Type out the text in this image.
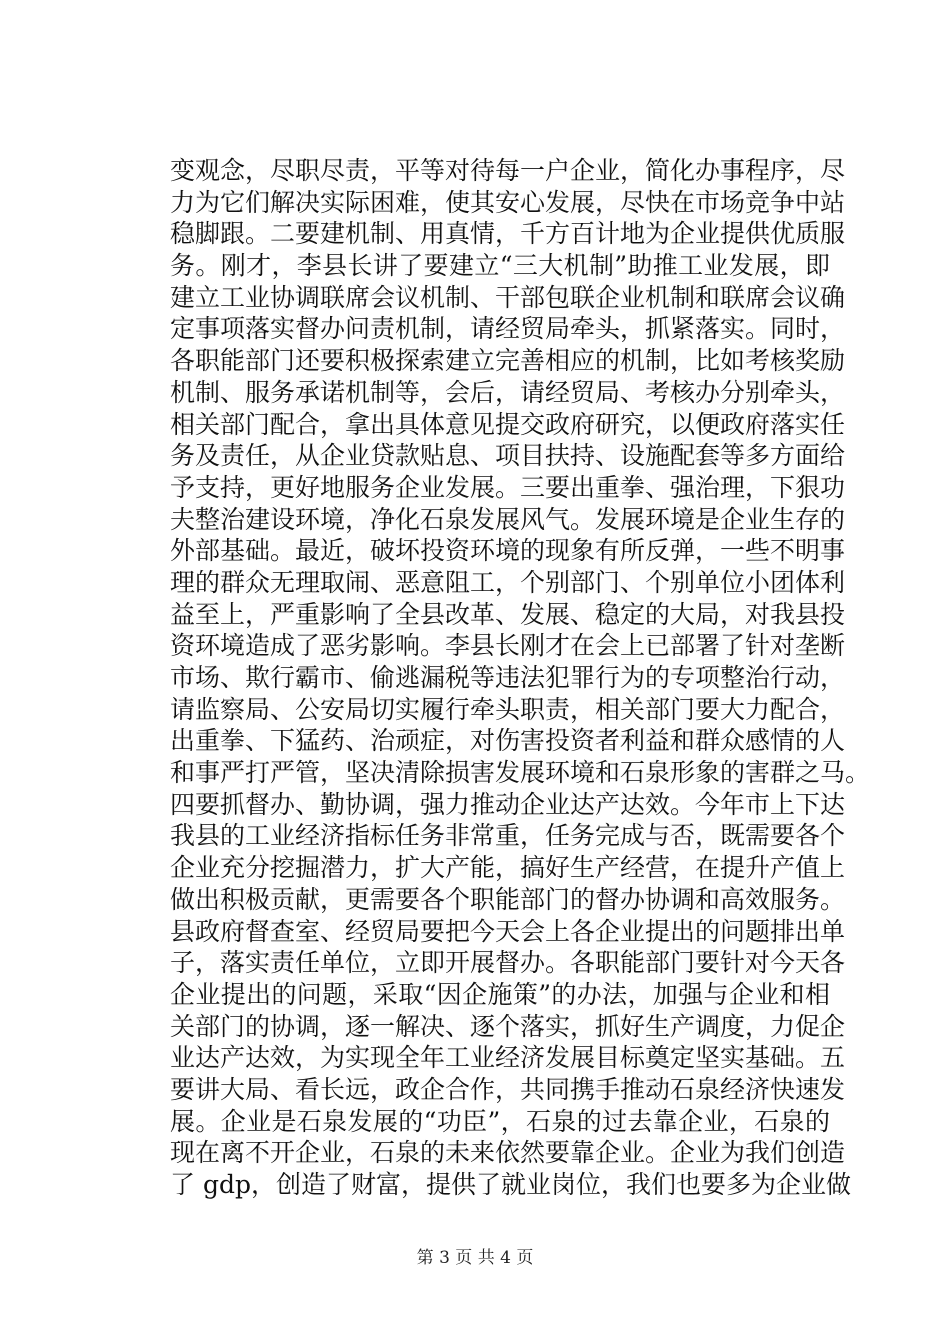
变观念，尽职尽责，平等对待每一户企业，简化办事程序，尽
力为它们解决实际困难，使其安心发展，尽快在市场竞争中站
稳脚跟。二要建机制、用真情，千方百计地为企业提供优质服
务。刚才，李县长讲了要建立“三大机制”助推工业发展，即
建立工业协调联席会议机制、干部包联企业机制和联席会议确
定事项落实督办问责机制，请经贸局牵头，抓紧落实。同时，
各职能部门还要积极探索建立完善相应的机制，比如考核奖励
机制、服务承诺机制等，会后，请经贸局、考核办分别牵头，
相关部门配合，拿出具体意见提交政府研究，以便政府落实任
务及责任，从企业贷款贴息、项目扶持、设施配套等多方面给
予支持，更好地服务企业发展。三要出重拳、强治理，下狠功
夫整治建设环境，净化石泉发展风气。发展环境是企业生存的
外部基础。最近，破坏投资环境的现象有所反弹，一些不明事
理的群众无理取闹、恶意阻工，个别部门、个别单位小团体利
益至上，严重影响了全县改革、发展、稳定的大局，对我县投
资环境造成了恶劣影响。李县长刚才在会上已部署了针对垄断
市场、欺行霸市、偷逃漏税等违法犯罪行为的专项整治行动，
请监察局、公安局切实履行牵头职责，相关部门要大力配合，
出重拳、下猛药、治顽症，对伤害投资者利益和群众感情的人
和事严打严管，坚决清除损害发展环境和石泉形象的害群之马。
四要抓督办、勤协调，强力推动企业达产达效。今年市上下达
我县的工业经济指标任务非常重，任务完成与否，既需要各个
企业充分挖掘潜力，扩大产能，搞好生产经营，在提升产值上
做出积极贡献，更需要各个职能部门的督办协调和高效服务。
县政府督查室、经贸局要把今天会上各企业提出的问题排出单
子，落实责任单位，立即开展督办。各职能部门要针对今天各
企业提出的问题，采取“因企施策”的办法，加强与企业和相
关部门的协调，逐一解决、逐个落实，抓好生产调度，力促企
业达产达效，为实现全年工业经济发展目标奠定坚实基础。五
要讲大局、看长远，政企合作，共同携手推动石泉经济快速发
展。企业是石泉发展的“功臣”，石泉的过去靠企业，石泉的
现在离不开企业，石泉的未来依然要靠企业。企业为我们创造
了 gdp，创造了财富，提供了就业岗位，我们也要多为企业做
第 3 页 共 4 页
